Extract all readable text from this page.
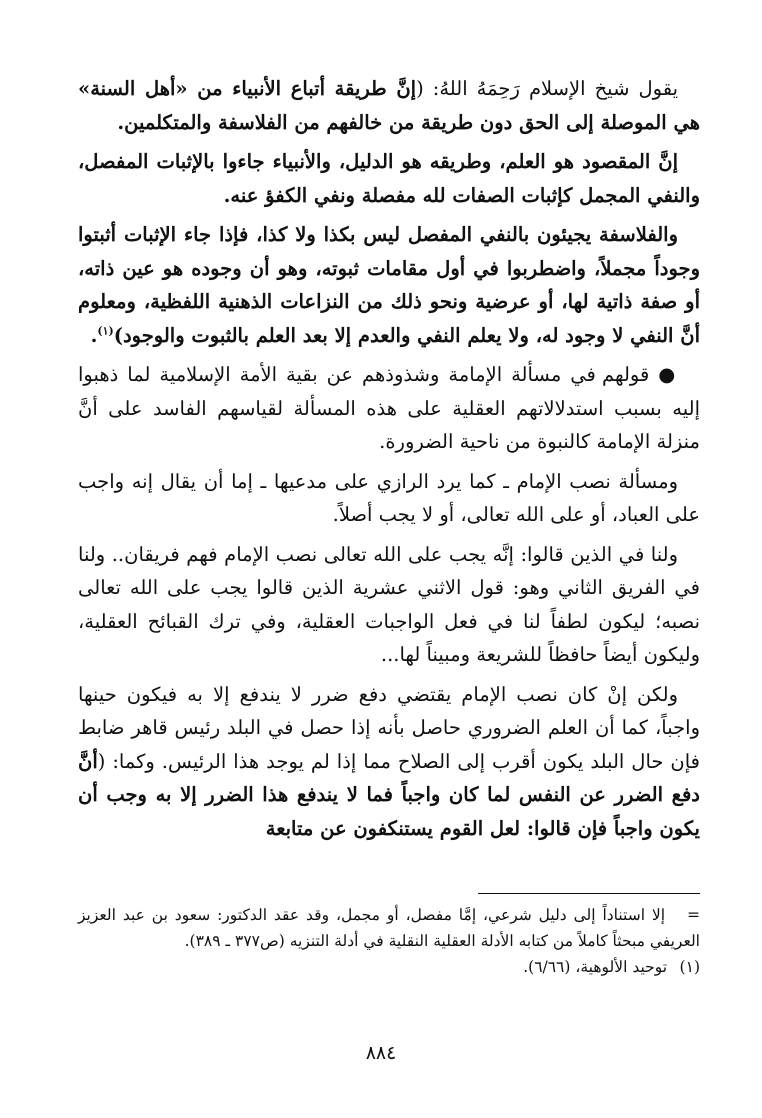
يقول شيخ الإسلام رَحِمَهُ اللهُ: (إنَّ طريقة أتباع الأنبياء من «أهل السنة» هي الموصلة إلى الحق دون طريقة من خالفهم من الفلاسفة والمتكلمين.

إنَّ المقصود هو العلم، وطريقه هو الدليل، والأنبياء جاءوا بالإثبات المفصل، والنفي المجمل كإثبات الصفات لله مفصلة ونفي الكفؤ عنه.

والفلاسفة يجيئون بالنفي المفصل ليس بكذا ولا كذا، فإذا جاء الإثبات أثبتوا وجوداً مجملاً، واضطربوا في أول مقامات ثبوته، وهو أن وجوده هو عين ذاته، أو صفة ذاتية لها، أو عرضية ونحو ذلك من النزاعات الذهنية اللفظية، ومعلوم أنَّ النفي لا وجود له، ولا يعلم النفي والعدم إلا بعد العلم بالثبوت والوجود)$^{(١)}$.

● قولهم في مسألة الإمامة وشذوذهم عن بقية الأمة الإسلامية لما ذهبوا إليه بسبب استدلالاتهم العقلية على هذه المسألة لقياسهم الفاسد على أنَّ منزلة الإمامة كالنبوة من ناحية الضرورة.

ومسألة نصب الإمام ـ كما يرد الرازي على مدعيها ـ إما أن يقال إنه واجب على العباد، أو على الله تعالى، أو لا يجب أصلاً.

ولنا في الذين قالوا: إنَّه يجب على الله تعالى نصب الإمام فهم فريقان.. ولنا في الفريق الثاني وهو: قول الاثني عشرية الذين قالوا يجب على الله تعالى نصبه؛ ليكون لطفاً لنا في فعل الواجبات العقلية، وفي ترك القبائح العقلية، وليكون أيضاً حافظاً للشريعة ومبيناً لها...

ولكن إنْ كان نصب الإمام يقتضي دفع ضرر لا يندفع إلا به فيكون حينها واجباً، كما أن العلم الضروري حاصل بأنه إذا حصل في البلد رئيس قاهر ضابط فإن حال البلد يكون أقرب إلى الصلاح مما إذا لم يوجد هذا الرئيس. وكما: (أنَّ دفع الضرر عن النفس لما كان واجباً فما لا يندفع هذا الضرر إلا به وجب أن يكون واجباً فإن قالوا: لعل القوم يستنكفون عن متابعة

= إلا استناداً إلى دليل شرعي، إمَّا مفصل، أو مجمل، وقد عقد الدكتور: سعود بن عبد العزيز العريفي مبحثاً كاملاً من كتابه الأدلة العقلية النقلية في أدلة التنزيه (ص٣٧٧ ـ ٣٨٩).

(١) توحيد الألوهية، (٦/٦٦).

٨٨٤
